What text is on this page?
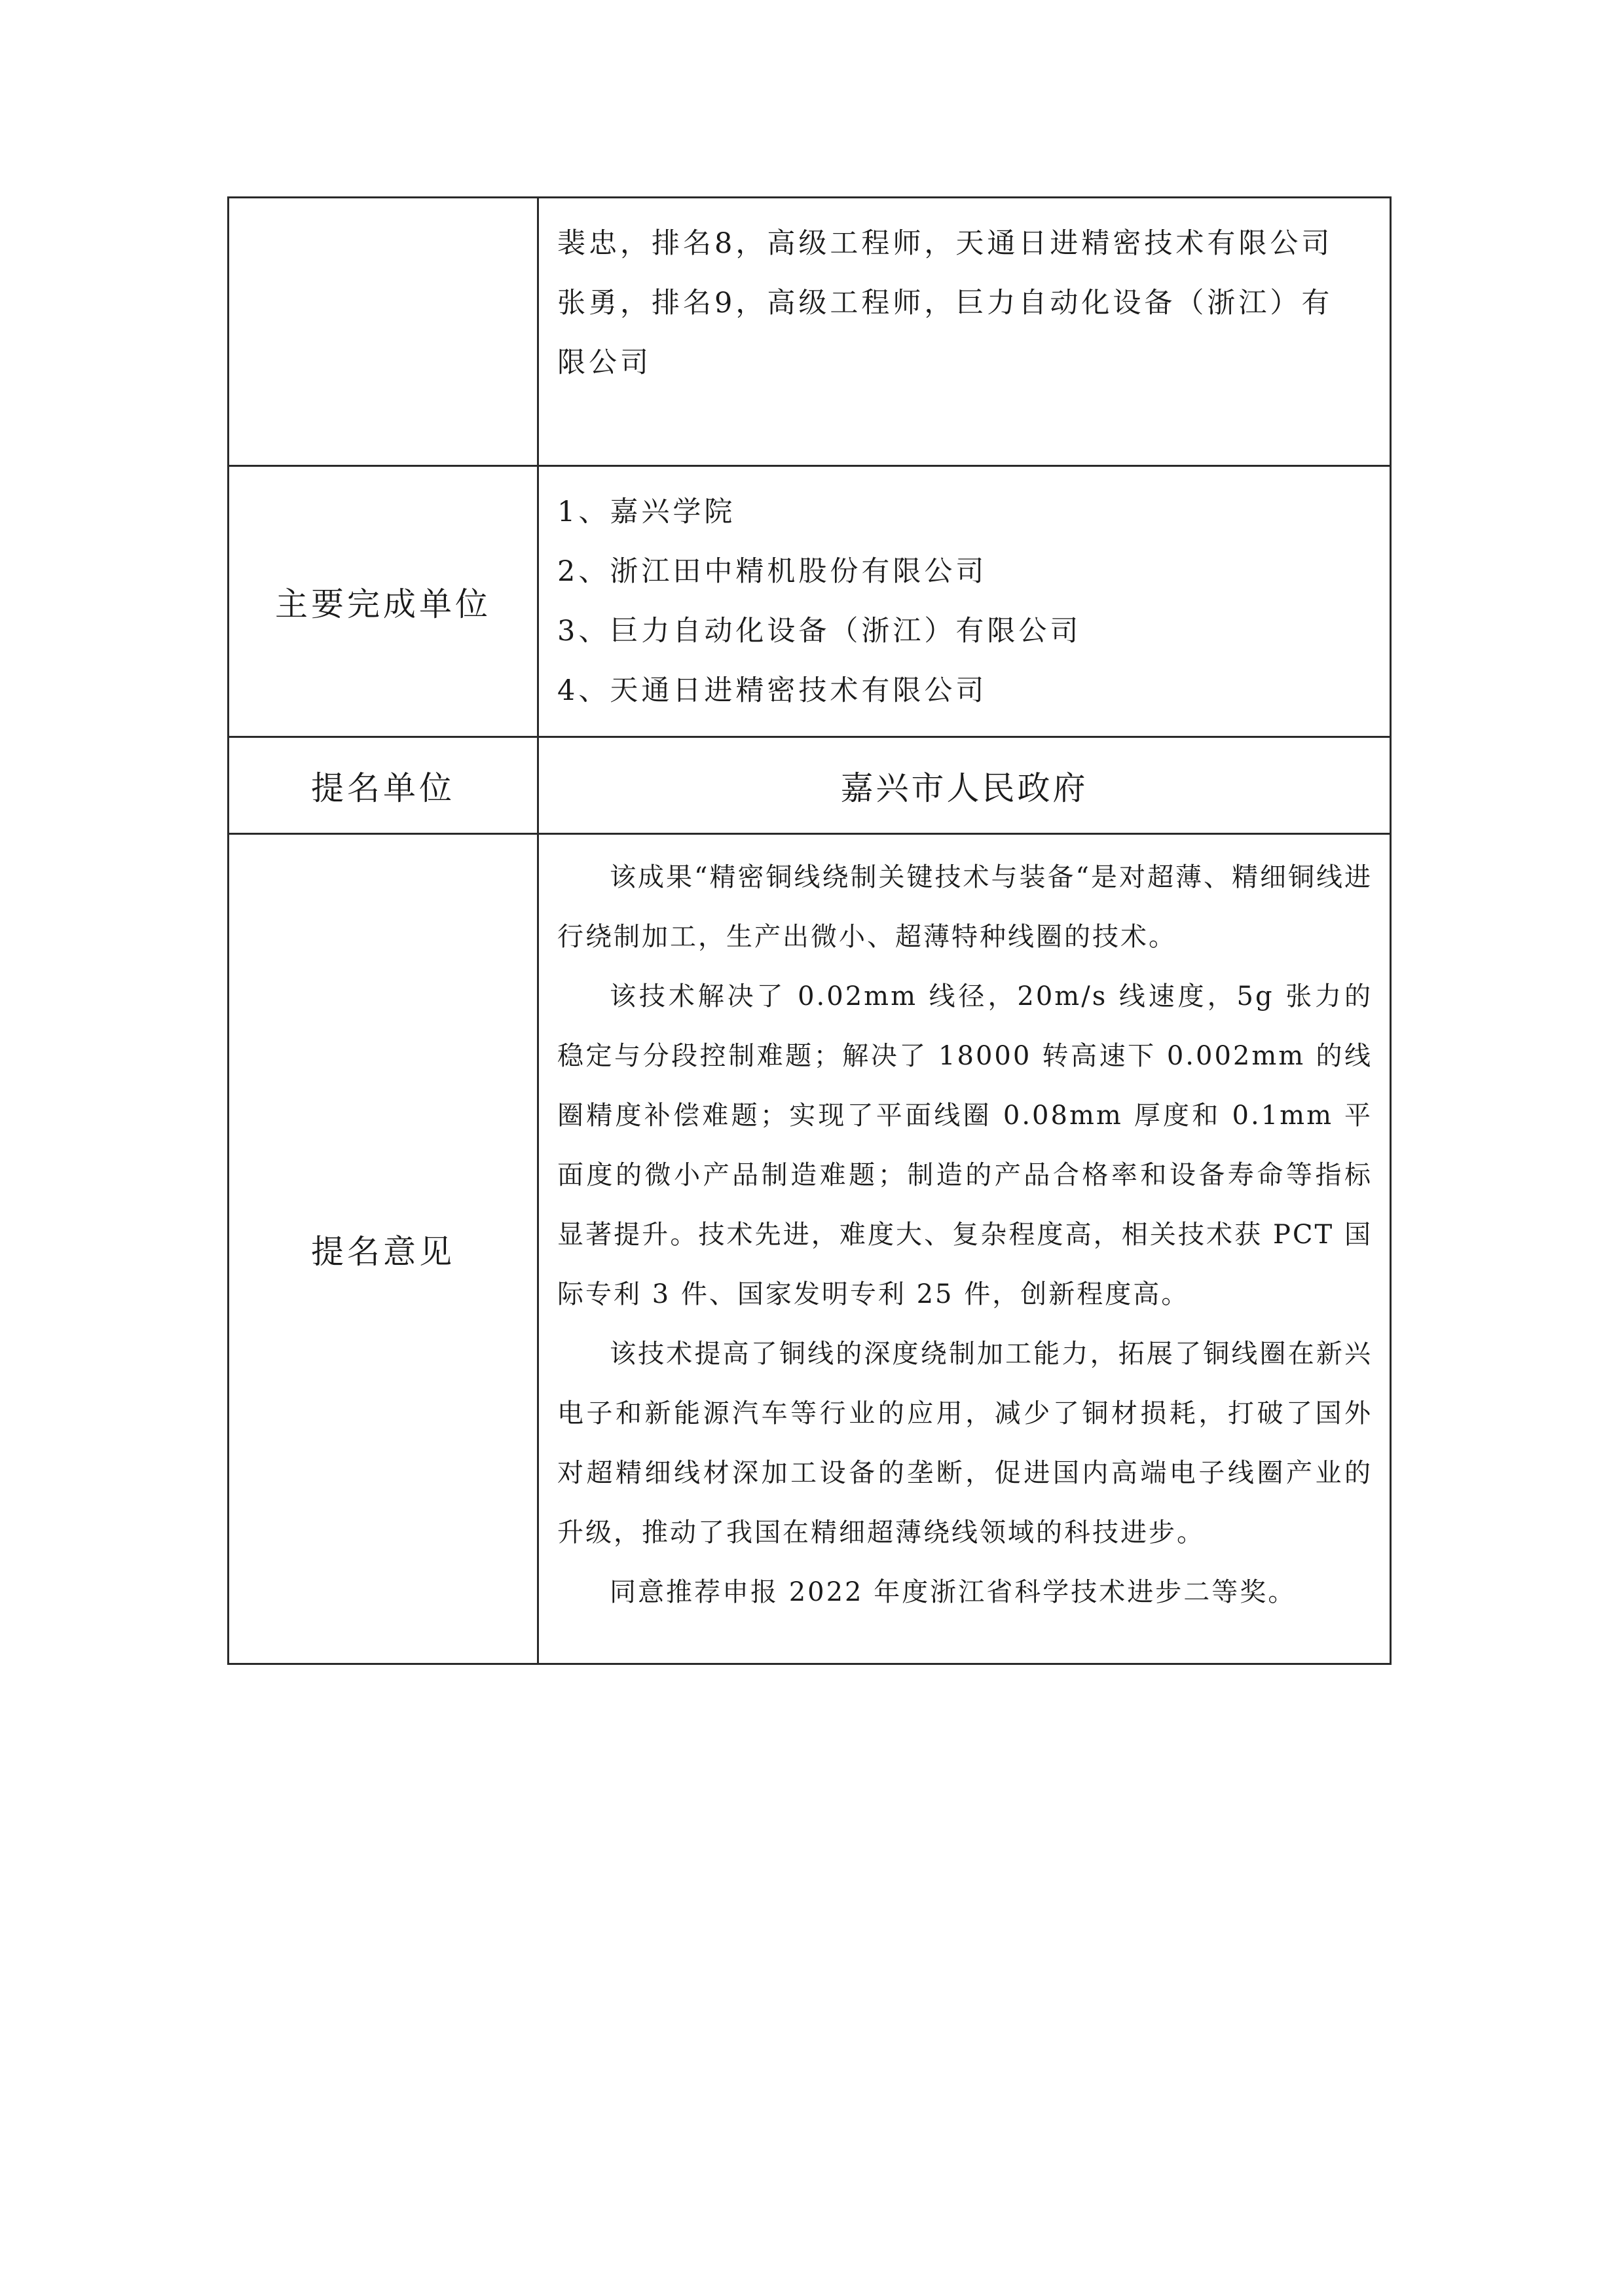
	裴忠，排名8，高级工程师，天通日进精密技术有限公司
张勇，排名9，高级工程师，巨力自动化设备（浙江）有
限公司

主要完成单位	1、嘉兴学院
2、浙江田中精机股份有限公司
3、巨力自动化设备（浙江）有限公司
4、天通日进精密技术有限公司

提名单位	嘉兴市人民政府
提名意见	该成果“精密铜线绕制关键技术与装备“是对超薄、精细铜线进行绕制加工，生产出微小、超薄特种线圈的技术。

该技术解决了 0.02mm 线径，20m/s 线速度，5g 张力的稳定与分段控制难题；解决了 18000 转高速下 0.002mm 的线圈精度补偿难题；实现了平面线圈 0.08mm 厚度和 0.1mm 平面度的微小产品制造难题；制造的产品合格率和设备寿命等指标显著提升。技术先进，难度大、复杂程度高，相关技术获 PCT 国际专利 3 件、国家发明专利 25 件，创新程度高。

该技术提高了铜线的深度绕制加工能力，拓展了铜线圈在新兴电子和新能源汽车等行业的应用，减少了铜材损耗，打破了国外对超精细线材深加工设备的垄断，促进国内高端电子线圈产业的升级，推动了我国在精细超薄绕线领域的科技进步。

同意推荐申报 2022 年度浙江省科学技术进步二等奖。
